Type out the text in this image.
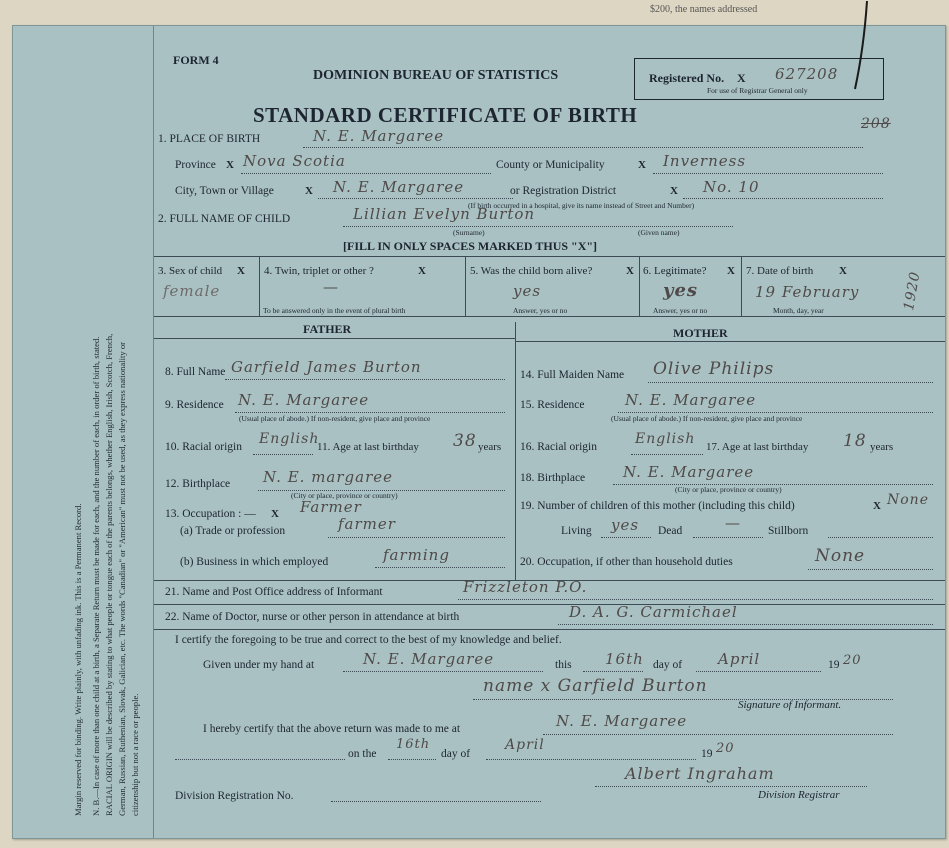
$200, the names addressed
Margin reserved for binding. Write plainly, with unfading ink. This is a Permanent Record. N. B.—In case of more than one child at a birth, a Separate Return must be made for each, and the number of each, in order of birth, stated. RACIAL ORIGIN will be described by stating to what people or tongue each of the parents belongs, whether English, Irish, Scotch, French, German, Russian, Ruthenian, Slovak, Galician, etc. The words "Canadian" or "American" must not be used, as they express nationality or citizenship but not a race or people.
FORM 4
DOMINION BUREAU OF STATISTICS
STANDARD CERTIFICATE OF BIRTH
Registered No. X 627208
For use of Registrar General only
208
1. PLACE OF BIRTH	N. E. Margaree
Province X Nova Scotia	County or Municipality	X Inverness
City, Town or Village	X N. E. Margaree	or Registration District	X No. 10
(If birth occurred in a hospital, give its name instead of Street and Number)
2. FULL NAME OF CHILD	Lillian Evelyn Burton
(Surname)	(Given name)
[FILL IN ONLY SPACES MARKED THUS "X"]
3. Sex of child X
female
4. Twin, triplet or other ?	X
—
To be answered only in the event of plural birth
5. Was the child born alive?	X
yes
Answer, yes or no
6. Legitimate? X
yes
Answer, yes or no
7. Date of birth X
19 February	1920
Month, day, year
FATHER	MOTHER
8. Full Name Garfield James Burton
9. Residence N. E. Margaree
(Usual place of abode.) If non-resident, give place and province
10. Racial origin English
11. Age at last birthday 38 years
12. Birthplace N. E. margaree
(City or place, province or country)
13. Occupation : — X Farmer
(a) Trade or profession	farmer
(b) Business in which employed	farming
14. Full Maiden Name Olive Philips
15. Residence	N. E. Margaree
(Usual place of abode.) If non-resident, give place and province
16. Racial origin	English 17. Age at last birthday 18 years
18. Birthplace	N. E. Margaree
(City or place, province or country)
19. Number of children of this mother (including this child)	X None
Living yes Dead	— Stillborn
20. Occupation, if other than household duties	None
21. Name and Post Office address of Informant	Frizzleton P.O.
22. Name of Doctor, nurse or other person in attendance at birth	D. A. G. Carmichael
I certify the foregoing to be true and correct to the best of my knowledge and belief.
Given under my hand at	N. E. Margaree	this 16th day of April	19 20
name x Garfield Burton
Signature of Informant.
I hereby certify that the above return was made to me at	N. E. Margaree
on the
16th
day of
April
19 20
Albert Ingraham
Division Registration No.	Division Registrar
